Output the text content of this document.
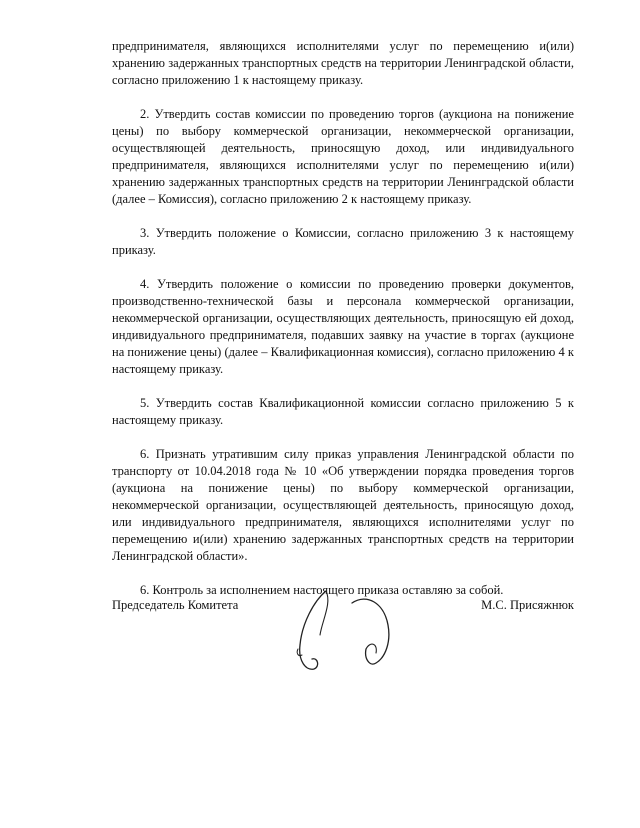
предпринимателя, являющихся исполнителями услуг по перемещению и(или) хранению задержанных транспортных средств на территории Ленинградской области, согласно приложению 1 к настоящему приказу.

2. Утвердить состав комиссии по проведению торгов (аукциона на понижение цены) по выбору коммерческой организации, некоммерческой организации, осуществляющей деятельность, приносящую доход, или индивидуального предпринимателя, являющихся исполнителями услуг по перемещению и(или) хранению задержанных транспортных средств на территории Ленинградской области (далее – Комиссия), согласно приложению 2 к настоящему приказу.

3. Утвердить положение о Комиссии, согласно приложению 3 к настоящему приказу.

4. Утвердить положение о комиссии по проведению проверки документов, производственно-технической базы и персонала коммерческой организации, некоммерческой организации, осуществляющих деятельность, приносящую ей доход, индивидуального предпринимателя, подавших заявку на участие в торгах (аукционе на понижение цены) (далее – Квалификационная комиссия), согласно приложению 4 к настоящему приказу.

5. Утвердить состав Квалификационной комиссии согласно приложению 5 к настоящему приказу.

6. Признать утратившим силу приказ управления Ленинградской области по транспорту от 10.04.2018 года № 10 «Об утверждении порядка проведения торгов (аукциона на понижение цены) по выбору коммерческой организации, некоммерческой организации, осуществляющей деятельность, приносящую доход, или индивидуального предпринимателя, являющихся исполнителями услуг по перемещению и(или) хранению задержанных транспортных средств на территории Ленинградской области».

6. Контроль за исполнением настоящего приказа оставляю за собой.

Председатель Комитета	М.С. Присяжнюк
